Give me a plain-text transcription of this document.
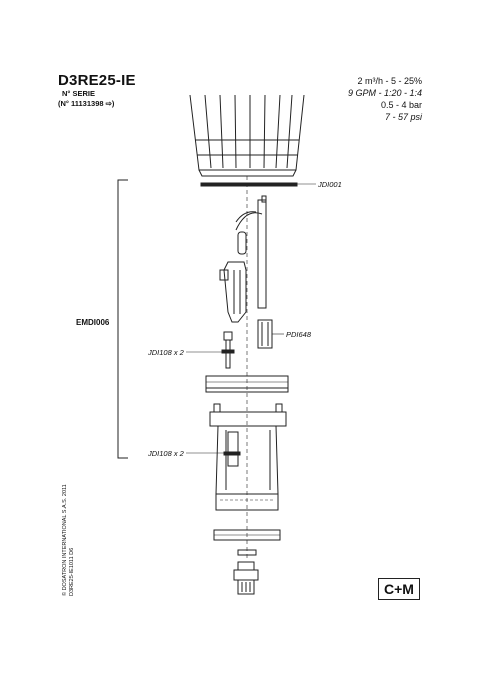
D3RE25-IE
N° SERIE
(N° 11131398 ⇨)
2 m³/h - 5 - 25%
9 GPM - 1:20 - 1:4
0.5 - 4 bar
7 - 57 psi
JDI001
PDI648
JDI108 x 2
JDI108 x 2
EMDI006
© DOSATRON INTERNATIONAL S.A.S. 2011 D3RE25-IE1011 D6	C+M
